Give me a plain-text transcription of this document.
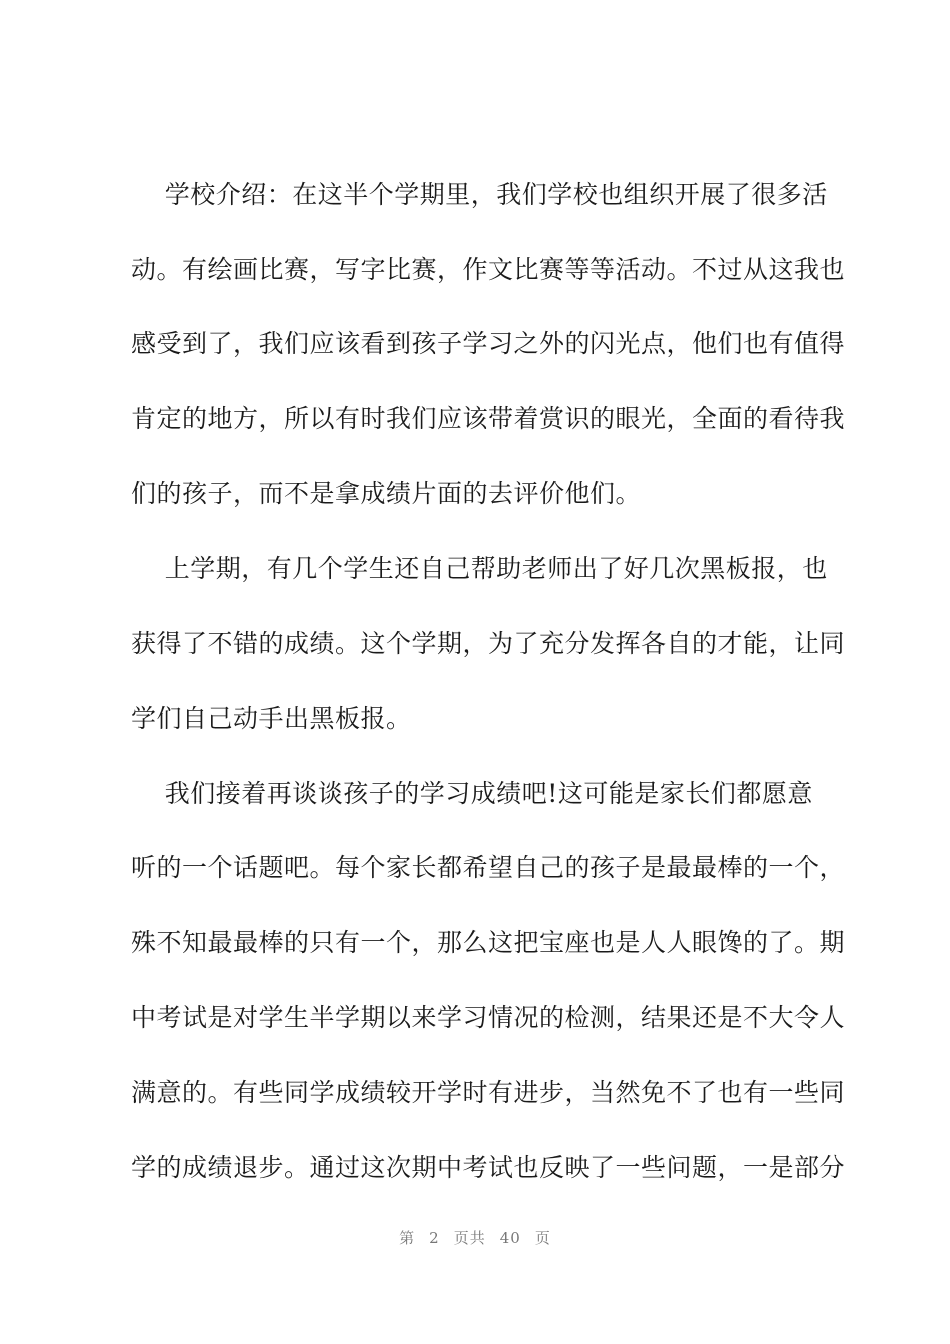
学校介绍：在这半个学期里，我们学校也组织开展了很多活
动。有绘画比赛，写字比赛，作文比赛等等活动。不过从这我也
感受到了，我们应该看到孩子学习之外的闪光点，他们也有值得
肯定的地方，所以有时我们应该带着赏识的眼光，全面的看待我
们的孩子，而不是拿成绩片面的去评价他们。
上学期，有几个学生还自己帮助老师出了好几次黑板报，也
获得了不错的成绩。这个学期，为了充分发挥各自的才能，让同
学们自己动手出黑板报。
我们接着再谈谈孩子的学习成绩吧!这可能是家长们都愿意
听的一个话题吧。每个家长都希望自己的孩子是最最棒的一个，
殊不知最最棒的只有一个，那么这把宝座也是人人眼馋的了。期
中考试是对学生半学期以来学习情况的检测，结果还是不大令人
满意的。有些同学成绩较开学时有进步，当然免不了也有一些同
学的成绩退步。通过这次期中考试也反映了一些问题，一是部分
第 2 页共 40 页
